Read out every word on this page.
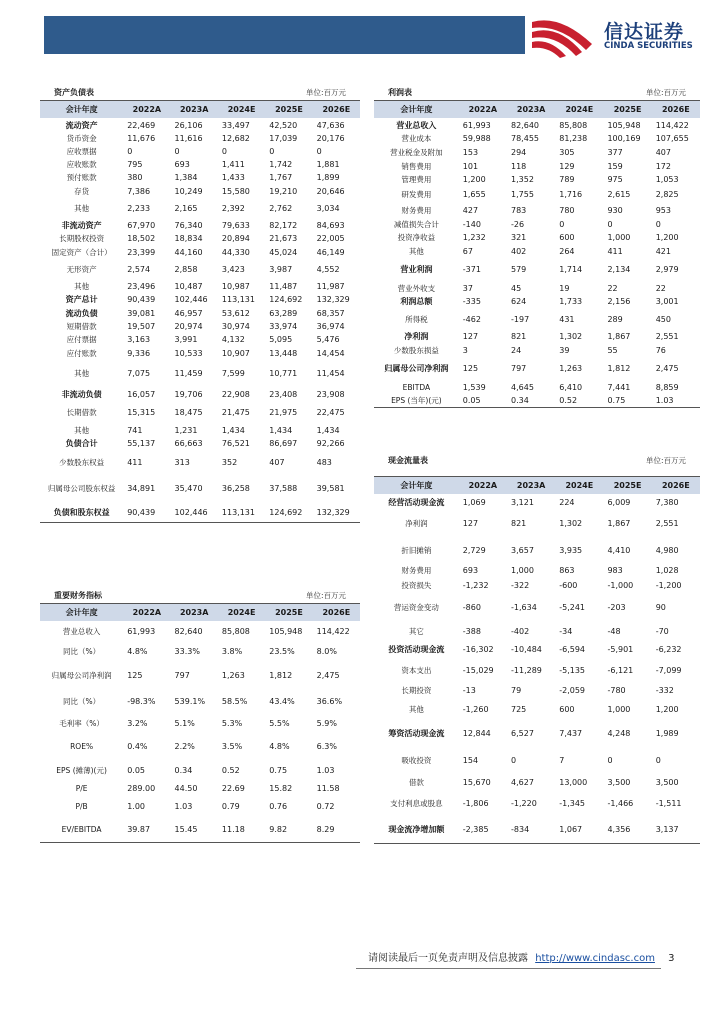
信达证券
CINDA SECURITIES
资产负债表	单位:百万元
会计年度	2022A	2023A	2024E	2025E	2026E
流动资产	22,469	26,106	33,497	42,520	47,636
货币资金	11,676	11,616	12,682	17,039	20,176
应收票据	0	0	0	0	0
应收账款	795	693	1,411	1,742	1,881
预付账款	380	1,384	1,433	1,767	1,899
存货	7,386	10,249	15,580	19,210	20,646
其他	2,233	2,165	2,392	2,762	3,034
非流动资产	67,970	76,340	79,633	82,172	84,693
长期股权投资	18,502	18,834	20,894	21,673	22,005
固定资产（合计）	23,399	44,160	44,330	45,024	46,149
无形资产	2,574	2,858	3,423	3,987	4,552
其他	23,496	10,487	10,987	11,487	11,987
资产总计	90,439	102,446	113,131	124,692	132,329
流动负债	39,081	46,957	53,612	63,289	68,357
短期借款	19,507	20,974	30,974	33,974	36,974
应付票据	3,163	3,991	4,132	5,095	5,476
应付账款	9,336	10,533	10,907	13,448	14,454
其他	7,075	11,459	7,599	10,771	11,454
非流动负债	16,057	19,706	22,908	23,408	23,908
长期借款	15,315	18,475	21,475	21,975	22,475
其他	741	1,231	1,434	1,434	1,434
负债合计	55,137	66,663	76,521	86,697	92,266
少数股东权益	411	313	352	407	483
归属母公司股东权益	34,891	35,470	36,258	37,588	39,581
负债和股东权益	90,439	102,446	113,131	124,692	132,329
利润表	单位:百万元
会计年度	2022A	2023A	2024E	2025E	2026E
营业总收入	61,993	82,640	85,808	105,948	114,422
营业成本	59,988	78,455	81,238	100,169	107,655
营业税金及附加	153	294	305	377	407
销售费用	101	118	129	159	172
管理费用	1,200	1,352	789	975	1,053
研发费用	1,655	1,755	1,716	2,615	2,825
财务费用	427	783	780	930	953
减值损失合计	-140	-26	0	0	0
投资净收益	1,232	321	600	1,000	1,200
其他	67	402	264	411	421
营业利润	-371	579	1,714	2,134	2,979
营业外收支	37	45	19	22	22
利润总额	-335	624	1,733	2,156	3,001
所得税	-462	-197	431	289	450
净利润	127	821	1,302	1,867	2,551
少数股东损益	3	24	39	55	76
归属母公司净利润	125	797	1,263	1,812	2,475
EBITDA	1,539	4,645	6,410	7,441	8,859
EPS (当年)(元)	0.05	0.34	0.52	0.75	1.03
现金流量表	单位:百万元
会计年度	2022A	2023A	2024E	2025E	2026E
经营活动现金流	1,069	3,121	224	6,009	7,380
净利润	127	821	1,302	1,867	2,551
折旧摊销	2,729	3,657	3,935	4,410	4,980
财务费用	693	1,000	863	983	1,028
投资损失	-1,232	-322	-600	-1,000	-1,200
营运资金变动	-860	-1,634	-5,241	-203	90
其它	-388	-402	-34	-48	-70
投资活动现金流	-16,302	-10,484	-6,594	-5,901	-6,232
资本支出	-15,029	-11,289	-5,135	-6,121	-7,099
长期投资	-13	79	-2,059	-780	-332
其他	-1,260	725	600	1,000	1,200
筹资活动现金流	12,844	6,527	7,437	4,248	1,989
吸收投资	154	0	7	0	0
借款	15,670	4,627	13,000	3,500	3,500
支付利息或股息	-1,806	-1,220	-1,345	-1,466	-1,511
现金流净增加额	-2,385	-834	1,067	4,356	3,137
重要财务指标	单位:百万元
会计年度	2022A	2023A	2024E	2025E	2026E
营业总收入	61,993	82,640	85,808	105,948	114,422
同比（%）	4.8%	33.3%	3.8%	23.5%	8.0%
归属母公司净利润	125	797	1,263	1,812	2,475
同比（%）	-98.3%	539.1%	58.5%	43.4%	36.6%
毛利率（%）	3.2%	5.1%	5.3%	5.5%	5.9%
ROE%	0.4%	2.2%	3.5%	4.8%	6.3%
EPS (摊薄)(元)	0.05	0.34	0.52	0.75	1.03
P/E	289.00	44.50	22.69	15.82	11.58
P/B	1.00	1.03	0.79	0.76	0.72
EV/EBITDA	39.87	15.45	11.18	9.82	8.29
请阅读最后一页免责声明及信息披露 http://www.cindasc.com 3
